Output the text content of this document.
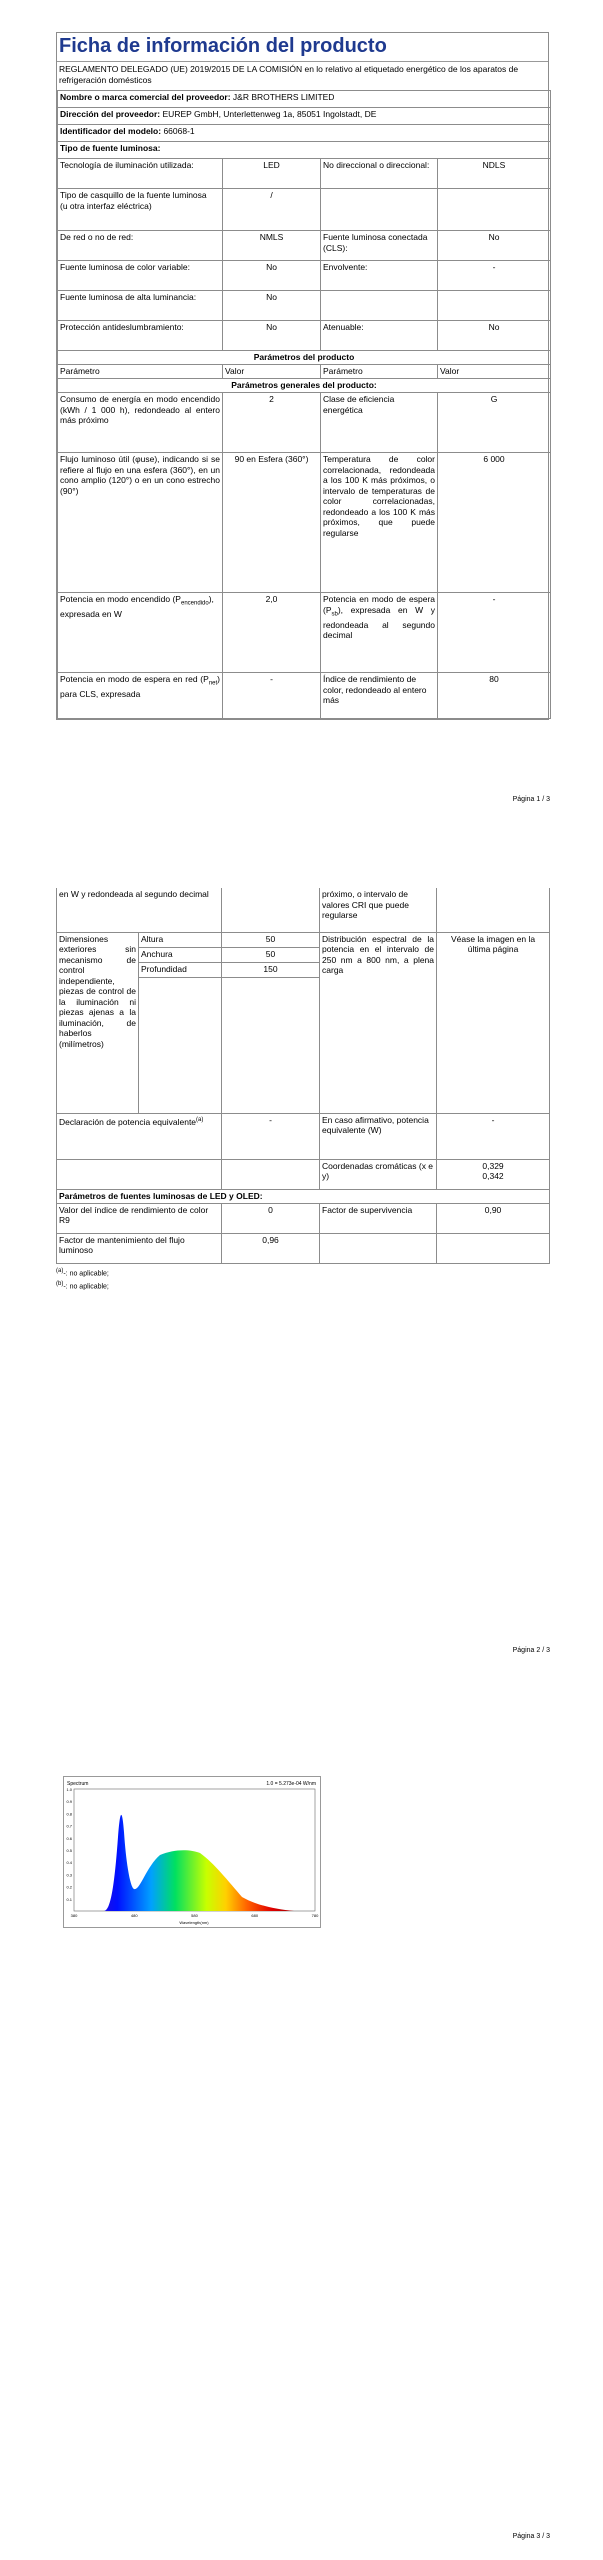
Ficha de información del producto
REGLAMENTO DELEGADO (UE) 2019/2015 DE LA COMISIÓN en lo relativo al etiquetado energético de los aparatos de refrigeración domésticos
Nombre o marca comercial del proveedor: J&R BROTHERS LIMITED			
Dirección del proveedor: EUREP GmbH, Unterlettenweg 1a, 85051 Ingolstadt, DE			
Identificador del modelo: 66068-1			
Tipo de fuente luminosa:			
Tecnología de iluminación utilizada:	LED	No direccional o direccional:	NDLS

Tipo de casquillo de la fuente luminosa
(u otra interfaz eléctrica)	/		
De red o no de red:	NMLS	Fuente luminosa conectada (CLS):	No
Fuente luminosa de color variable:	No	Envolvente:	-
Fuente luminosa de alta luminancia:	No		
Protección antideslumbramiento:	No	Atenuable:	No
Parámetros del producto			
Parámetro	Valor	Parámetro	Valor
Parámetros generales del producto:			
Consumo de energía en modo encendido (kWh / 1 000 h), redondeado al entero más próximo	2	Clase de eficiencia energética	G
Flujo luminoso útil (φuse), indicando si se refiere al flujo en una esfera (360°), en un cono amplio (120°) o en un cono estrecho (90°)	90 en Esfera (360°)	Temperatura de color correlacionada, redondeada a los 100 K más próximos, o intervalo de temperaturas de color correlacionadas, redondeado a los 100 K más próximos, que puede regularse	6 000
Potencia en modo encendido $(P_{encendido})$, expresada en W	2,0	Potencia en modo de espera $(P_{sb})$, expresada en W y redondeada al segundo decimal	-
Potencia en modo de espera en red $(P_{net})$ para CLS, expresada	-	Índice de rendimiento de color, redondeado al entero más	80
Página 1 / 3
en W y redondeada al segundo decimal			próximo, o intervalo de valores CRI que puede regularse	
Dimensiones exteriores sin mecanismo de control independiente, piezas de control de la iluminación ni piezas ajenas a la iluminación, de haberlos (milímetros)	Altura	50	Distribución espectral de la potencia en el intervalo de 250 nm a 800 nm, a plena carga	Véase la imagen en la última página
	Anchura	50		
	Profundidad	150		

Declaración de potencia equivalente$^{(a)}$		-	En caso afirmativo, potencia equivalente (W)	-
			Coordenadas cromáticas (x e y)	0,329
0,342

Parámetros de fuentes luminosas de LED y OLED:				
Valor del índice de rendimiento de color R9		0	Factor de supervivencia	0,90
Factor de mantenimiento del flujo luminoso		0,96		
$^{(a)}$-: no aplicable;
$^{(b)}$-: no aplicable;
Página 2 / 3
Spectrum	1.0 = 5.273e-04 W/nm
1.0
0.9
0.8
0.7
0.6
0.5
0.4
0.3
0.2
0.1
380	480	580	680	780
Wavelength(nm)
Página 3 / 3
